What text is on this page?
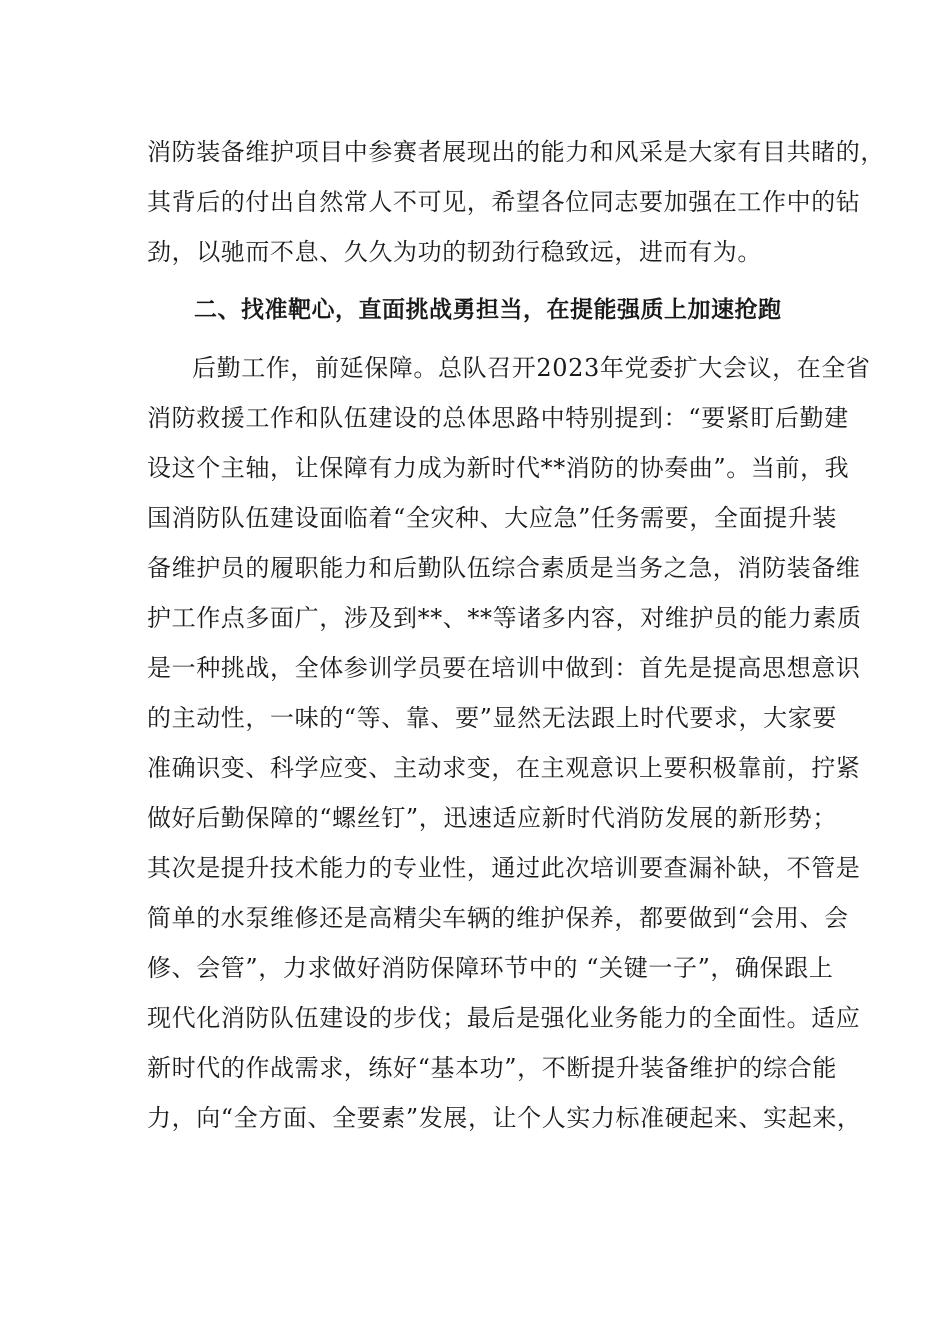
消防装备维护项目中参赛者展现出的能力和风采是大家有目共睹的，
其背后的付出自然常人不可见，希望各位同志要加强在工作中的钻
劲，以驰而不息、久久为功的韧劲行稳致远，进而有为。
二、找准靶心，直面挑战勇担当，在提能强质上加速抢跑
后勤工作，前延保障。总队召开2023年党委扩大会议，在全省
消防救援工作和队伍建设的总体思路中特别提到：“要紧盯后勤建
设这个主轴，让保障有力成为新时代**消防的协奏曲”。当前，我
国消防队伍建设面临着“全灾种、大应急”任务需要，全面提升装
备维护员的履职能力和后勤队伍综合素质是当务之急，消防装备维
护工作点多面广，涉及到**、**等诸多内容，对维护员的能力素质
是一种挑战，全体参训学员要在培训中做到：首先是提高思想意识
的主动性，一味的“等、靠、要”显然无法跟上时代要求，大家要
准确识变、科学应变、主动求变，在主观意识上要积极靠前，拧紧
做好后勤保障的“螺丝钉”，迅速适应新时代消防发展的新形势；
其次是提升技术能力的专业性，通过此次培训要查漏补缺，不管是
简单的水泵维修还是高精尖车辆的维护保养，都要做到“会用、会
修、会管”，力求做好消防保障环节中的 “关键一子”，确保跟上
现代化消防队伍建设的步伐；最后是强化业务能力的全面性。适应
新时代的作战需求，练好“基本功”，不断提升装备维护的综合能
力，向“全方面、全要素”发展，让个人实力标准硬起来、实起来，
